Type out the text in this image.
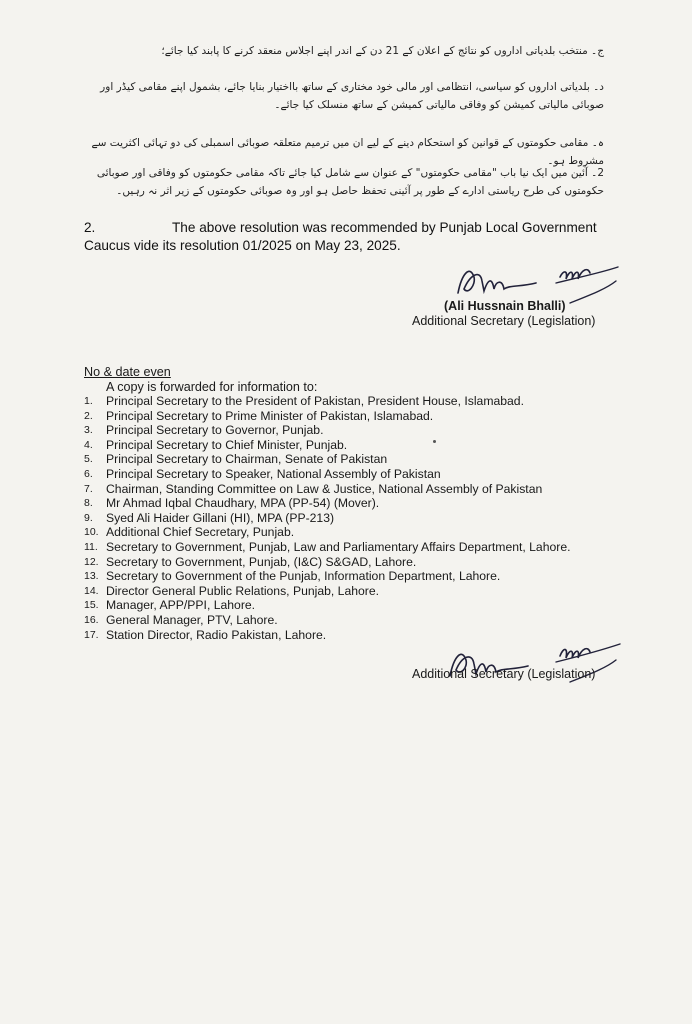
ج۔ منتخب بلدیاتی اداروں کو نتائج کے اعلان کے 21 دن کے اندر اپنے اجلاس منعقد کرنے کا پابند کیا جائے؛
د۔ بلدیاتی اداروں کو سیاسی، انتظامی اور مالی خود مختاری کے ساتھ بااختیار بنایا جائے، بشمول اپنے مقامی کیڈر اور صوبائی مالیاتی کمیشن کو وفاقی مالیاتی کمیشن کے ساتھ منسلک کیا جائے۔
ہ۔ مقامی حکومتوں کے قوانین کو استحکام دینے کے لیے ان میں ترمیم متعلقہ صوبائی اسمبلی کی دو تہائی اکثریت سے مشروط ہو۔
2۔ آئین میں ایک نیا باب "مقامی حکومتوں" کے عنوان سے شامل کیا جائے تاکہ مقامی حکومتوں کو وفاقی اور صوبائی حکومتوں کی طرح ریاستی ادارے کے طور پر آئینی تحفظ حاصل ہو اور وہ صوبائی حکومتوں کے زیر اثر نہ رہیں۔
2.	The above resolution was recommended by Punjab Local Government Caucus vide its resolution 01/2025 on May 23, 2025.
(Ali Hussnain Bhalli)
Additional Secretary (Legislation)
No & date even
A copy is forwarded for information to:
1.	Principal Secretary to the President of Pakistan, President House, Islamabad.
2.	Principal Secretary to Prime Minister of Pakistan, Islamabad.
3.	Principal Secretary to Governor, Punjab.
4.	Principal Secretary to Chief Minister, Punjab.
5.	Principal Secretary to Chairman, Senate of Pakistan
6.	Principal Secretary to Speaker, National Assembly of Pakistan
7.	Chairman, Standing Committee on Law & Justice, National Assembly of Pakistan
8.	Mr Ahmad Iqbal Chaudhary, MPA (PP-54) (Mover).
9.	Syed Ali Haider Gillani (HI), MPA (PP-213)
10. Additional Chief Secretary, Punjab.
11. Secretary to Government, Punjab, Law and Parliamentary Affairs Department, Lahore.
12. Secretary to Government, Punjab, (I&C) S&GAD, Lahore.
13. Secretary to Government of the Punjab, Information Department, Lahore.
14. Director General Public Relations, Punjab, Lahore.
15. Manager, APP/PPI, Lahore.
16. General Manager, PTV, Lahore.
17. Station Director, Radio Pakistan, Lahore.
Additional Secretary (Legislation)
